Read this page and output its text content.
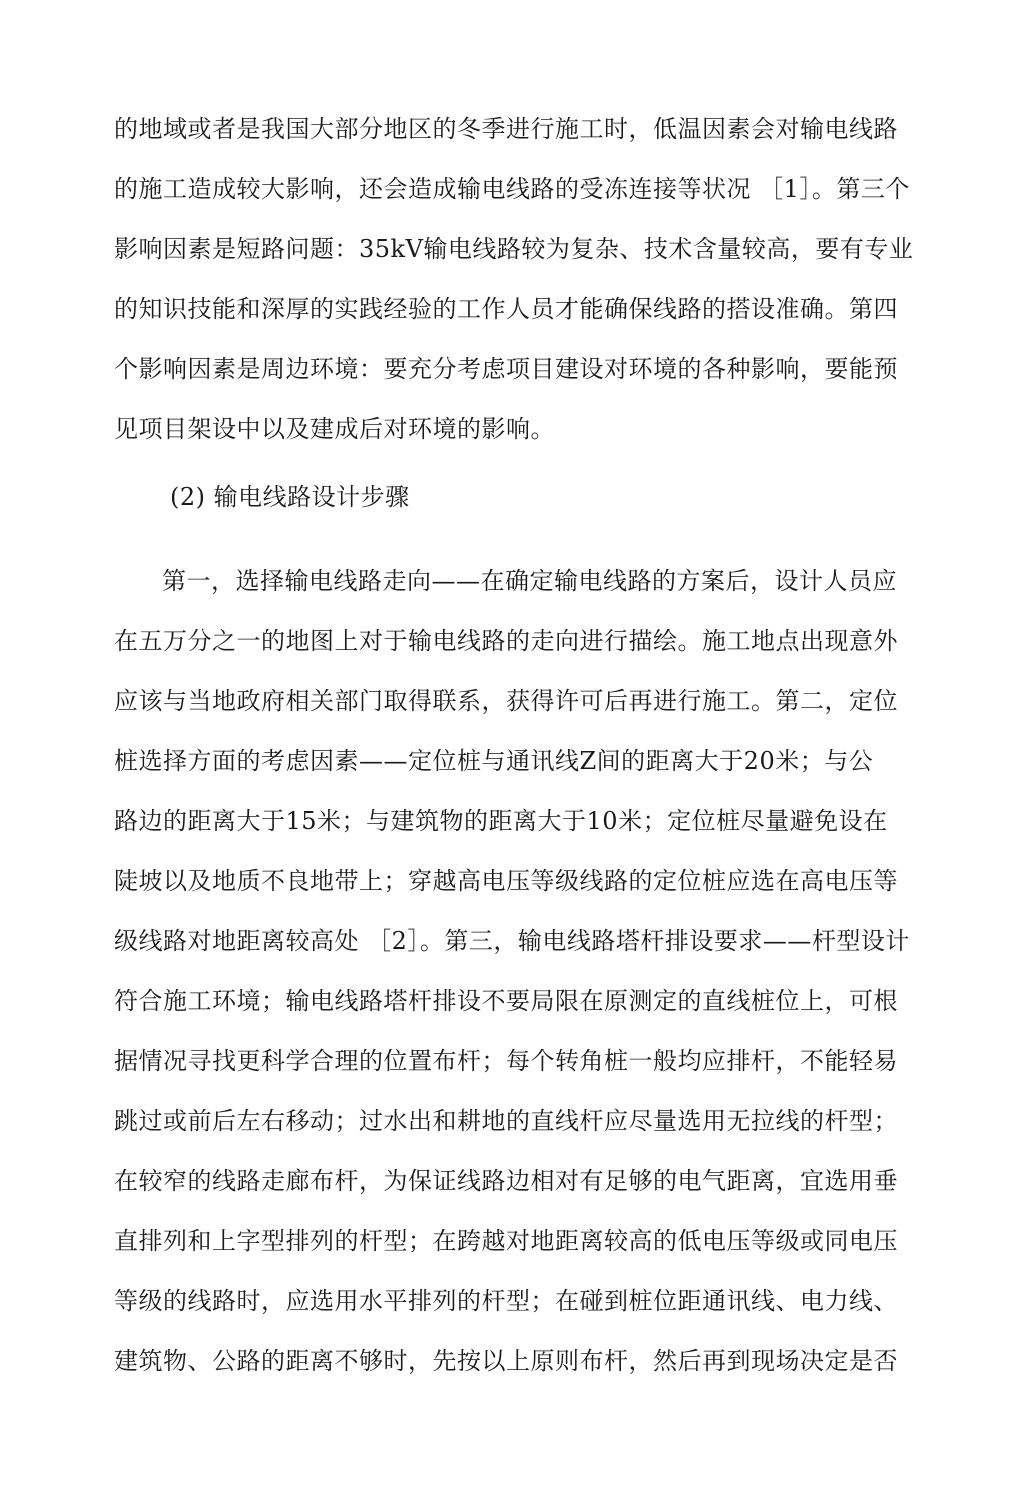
的地域或者是我国大部分地区的冬季进行施工时，低温因素会对输电线路
的施工造成较大影响，还会造成输电线路的受冻连接等状况 ［1］。第三个
影响因素是短路问题：35kV输电线路较为复杂、技术含量较高，要有专业
的知识技能和深厚的实践经验的工作人员才能确保线路的搭设准确。第四
个影响因素是周边环境：要充分考虑项目建设对环境的各种影响，要能预
见项目架设中以及建成后对环境的影响。
(2) 输电线路设计步骤
第一，选择输电线路走向——在确定输电线路的方案后，设计人员应
在五万分之一的地图上对于输电线路的走向进行描绘。施工地点出现意外
应该与当地政府相关部门取得联系，获得许可后再进行施工。第二，定位
桩选择方面的考虑因素——定位桩与通讯线Z间的距离大于20米；与公
路边的距离大于15米；与建筑物的距离大于10米；定位桩尽量避免设在
陡坡以及地质不良地带上；穿越高电压等级线路的定位桩应选在高电压等
级线路对地距离较高处 ［2］。第三，输电线路塔杆排设要求——杆型设计
符合施工环境；输电线路塔杆排设不要局限在原测定的直线桩位上，可根
据情况寻找更科学合理的位置布杆；每个转角桩一般均应排杆，不能轻易
跳过或前后左右移动；过水出和耕地的直线杆应尽量选用无拉线的杆型；
在较窄的线路走廊布杆，为保证线路边相对有足够的电气距离，宜选用垂
直排列和上字型排列的杆型；在跨越对地距离较高的低电压等级或同电压
等级的线路时，应选用水平排列的杆型；在碰到桩位距通讯线、电力线、
建筑物、公路的距离不够时，先按以上原则布杆，然后再到现场决定是否
